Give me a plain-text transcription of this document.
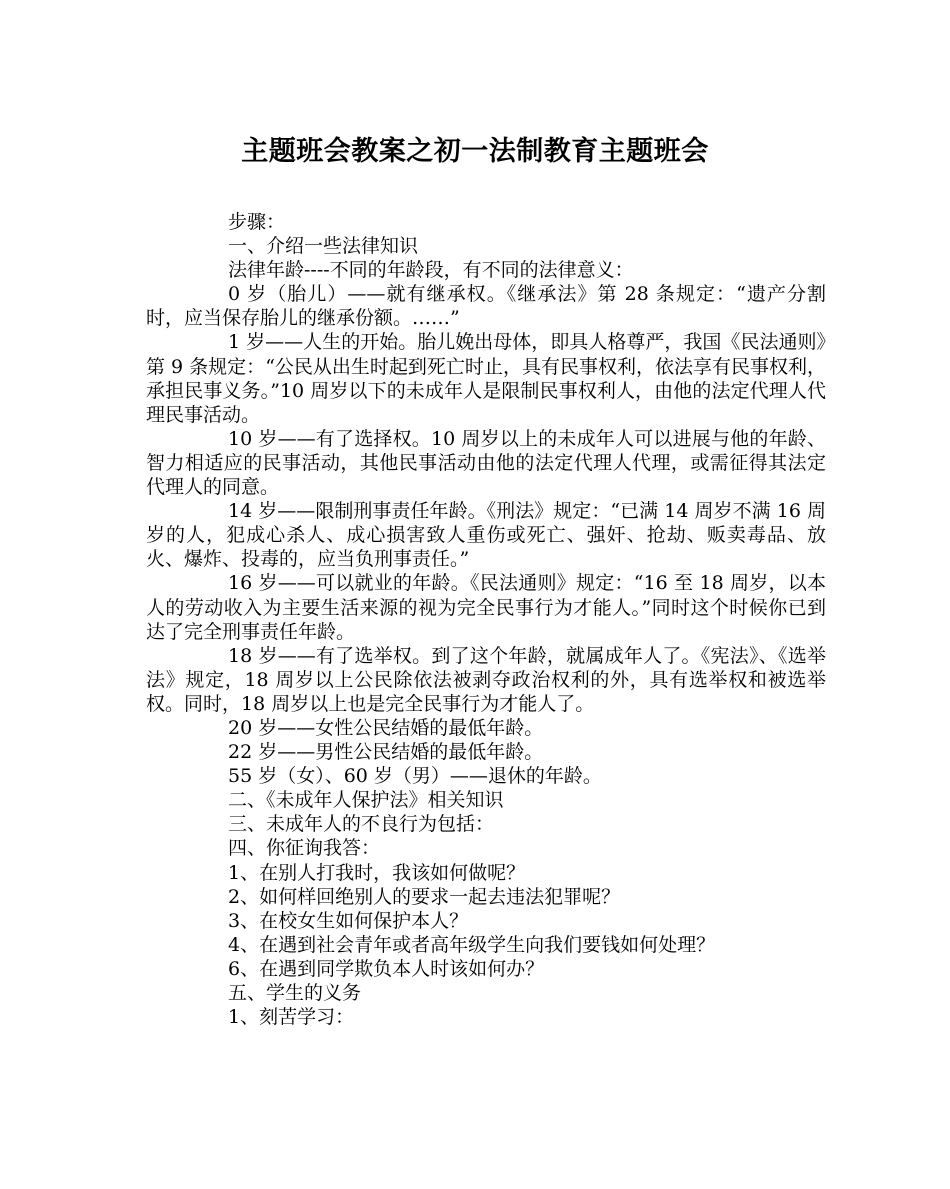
主题班会教案之初一法制教育主题班会

步骤：

一、介绍一些法律知识

法律年龄----不同的年龄段，有不同的法律意义：

0 岁（胎儿）——就有继承权。《继承法》第 28 条规定：“遗产分割时，应当保存胎儿的继承份额。……”

1 岁——人生的开始。胎儿娩出母体，即具人格尊严，我国《民法通则》第 9 条规定：“公民从出生时起到死亡时止，具有民事权利，依法享有民事权利，承担民事义务。”10 周岁以下的未成年人是限制民事权利人，由他的法定代理人代理民事活动。

10 岁——有了选择权。10 周岁以上的未成年人可以进展与他的年龄、智力相适应的民事活动，其他民事活动由他的法定代理人代理，或需征得其法定代理人的同意。

14 岁——限制刑事责任年龄。《刑法》规定：“已满 14 周岁不满 16 周岁的人，犯成心杀人、成心损害致人重伤或死亡、强奸、抢劫、贩卖毒品、放火、爆炸、投毒的，应当负刑事责任。”

16 岁——可以就业的年龄。《民法通则》规定：“16 至 18 周岁，以本人的劳动收入为主要生活来源的视为完全民事行为才能人。”同时这个时候你已到达了完全刑事责任年龄。

18 岁——有了选举权。到了这个年龄，就属成年人了。《宪法》、《选举法》规定，18 周岁以上公民除依法被剥夺政治权利的外，具有选举权和被选举权。同时，18 周岁以上也是完全民事行为才能人了。

20 岁——女性公民结婚的最低年龄。

22 岁——男性公民结婚的最低年龄。

55 岁（女）、60 岁（男）——退休的年龄。

二、《未成年人保护法》相关知识

三、未成年人的不良行为包括：

四、你征询我答：

1、在别人打我时，我该如何做呢？

2、如何样回绝别人的要求一起去违法犯罪呢？

3、在校女生如何保护本人？

4、在遇到社会青年或者高年级学生向我们要钱如何处理？

6、在遇到同学欺负本人时该如何办？

五、学生的义务

1、刻苦学习：
